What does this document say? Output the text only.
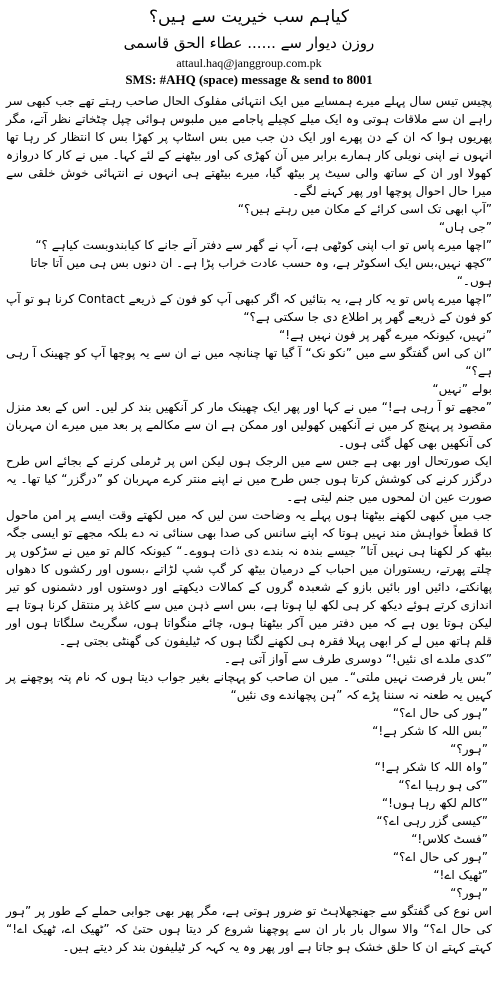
کیاہم سب خیریت سے ہیں؟
روزن دیوار سے ...... عطاء الحق قاسمی
attaul.haq@janggroup.com.pk
SMS: #AHQ (space) message & send to 8001

پچیس تیس سال پہلے میرے ہمسایے میں ایک انتہائی مفلوک الحال صاحب رہتے تھے جب کبھی سر راہے ان سے ملاقات ہوتی وہ ایک میلے کچیلے پاجامے میں ملبوس ہوائی چپل چٹخاتے نظر آتے، مگر پھریوں ہوا کہ ان کے دن پھرے اور ایک دن جب میں بس اسٹاپ پر کھڑا بس کا انتظار کر رہا تھا انہوں نے اپنی نویلی کار ہمارے برابر میں آن کھڑی کی اور بیٹھنے کے لئے کہا۔ میں نے کار کا دروازہ کھولا اور ان کے ساتھ والی سیٹ پر بیٹھ گیا، میرے بیٹھتے ہی انہوں نے انتہائی خوش خلقی سے میرا حال احوال پوچھا اور پھر کہنے لگے۔

”آپ ابھی تک اسی کرائے کے مکان میں رہتے ہیں؟“

”جی ہاں“

”اچھا میرے پاس تو اب اپنی کوٹھی ہے، آپ نے گھر سے دفتر آنے جانے کا کیابندوبست کیاہے ؟“

”کچھ نہیں،بس ایک اسکوٹر ہے، وہ حسب عادت خراب پڑا ہے۔ ان دنوں بس ہی میں آتا جاتا ہوں۔“

”اچھا میرے پاس تو یہ کار ہے، یہ بتائیں کہ اگر کبھی آپ کو فون کے ذریعے Contact کرنا ہو تو آپ کو فون کے ذریعے گھر پر اطلاع دی جا سکتی ہے؟“

”نہیں، کیونکہ میرے گھر پر فون نہیں ہے!“

”ان کی اس گفتگو سے میں ”نکو نک“ آ گیا تھا چنانچہ میں نے ان سے یہ پوچھا آپ کو چھینک آ رہی ہے؟“

بولے ”نہیں“

”مجھے تو آ رہی ہے!“ میں نے کہا اور پھر ایک چھینک مار کر آنکھیں بند کر لیں۔ اس کے بعد منزل مقصود پر پہنچ کر میں نے آنکھیں کھولیں اور ممکن ہے ان سے مکالمے پر بعد میں میرے ان مہربان کی آنکھیں بھی کھل گئی ہوں۔

ایک صورتحال اور بھی ہے جس سے میں الرجک ہوں لیکن اس پر ٹرملی کرنے کے بجائے اس طرح درگزر کرنے کی کوشش کرتا ہوں جس طرح میں نے اپنے منتر کرے مہربان کو ”درگزر“ کیا تھا۔ یہ صورت عین ان لمحوں میں جنم لیتی ہے۔

جب میں کبھی لکھنے بیٹھتا ہوں پہلے یہ وضاحت سن لیں کہ میں لکھتے وقت ایسے پر امن ماحول کا قطعاً خواہش مند نہیں ہوتا کہ اپنے سانس کی صدا بھی سنائی نہ دے بلکہ مجھے تو ایسی جگہ بیٹھ کر لکھنا ہی نہیں آتا” جیسے بندہ نہ بندے دی ذات ہووے۔“ کیونکہ کالم تو میں نے سڑکوں پر چلتے پھرتے، ریستوران میں احباب کے درمیان بیٹھ کر گپ شپ لڑاتے ،بسوں اور رکشوں کا دھواں پھانکتے، دائیں اور بائیں بازو کے شعبدہ گروں کے کمالات دیکھتے اور دوستوں اور دشمنوں کو تیر اندازی کرتے ہوئے دیکھ کر ہی لکھ لیا ہوتا ہے، بس اسے ذہن میں سے کاغذ پر منتقل کرنا ہوتا ہے لیکن ہوتا یوں ہے کہ میں دفتر میں آکر بیٹھتا ہوں، چائے منگواتا ہوں، سگریٹ سلگاتا ہوں اور قلم ہاتھ میں لے کر ابھی پہلا فقرہ ہی لکھنے لگتا ہوں کہ ٹیلیفون کی گھنٹی بجتی ہے۔

”کدی ملدے ای نئیں!“ دوسری طرف سے آواز آتی ہے۔

”بس یار فرصت نہیں ملتی“۔ میں ان صاحب کو پہچانے بغیر جواب دیتا ہوں کہ نام پتہ پوچھنے پر کہیں یہ طعنہ نہ سننا پڑے کہ ”ہن پچھاندے وی نئیں“

”ہور کی حال اے؟“

”بس اللہ کا شکر ہے!“

”ہور؟“

”واہ اللہ کا شکر ہے!“

”کی ہو رہیا اے؟“

”کالم لکھ رہا ہوں!“

”کیسی گزر رہی اے؟“

”فسٹ کلاس!“

”ہور کی حال اے؟“

”ٹھیک اے!“

”ہور؟“

اس نوع کی گفتگو سے جھنجھلاہٹ تو ضرور ہوتی ہے، مگر پھر بھی جوابی حملے کے طور پر ”ہور کی حال اے؟“ والا سوال بار بار ان سے پوچھنا شروع کر دیتا ہوں حتیٰ کہ ”ٹھیک اے، ٹھیک اے!“ کہتے کہتے ان کا حلق خشک ہو جاتا ہے اور پھر وہ یہ کہہ کر ٹیلیفون بند کر دیتے ہیں۔
